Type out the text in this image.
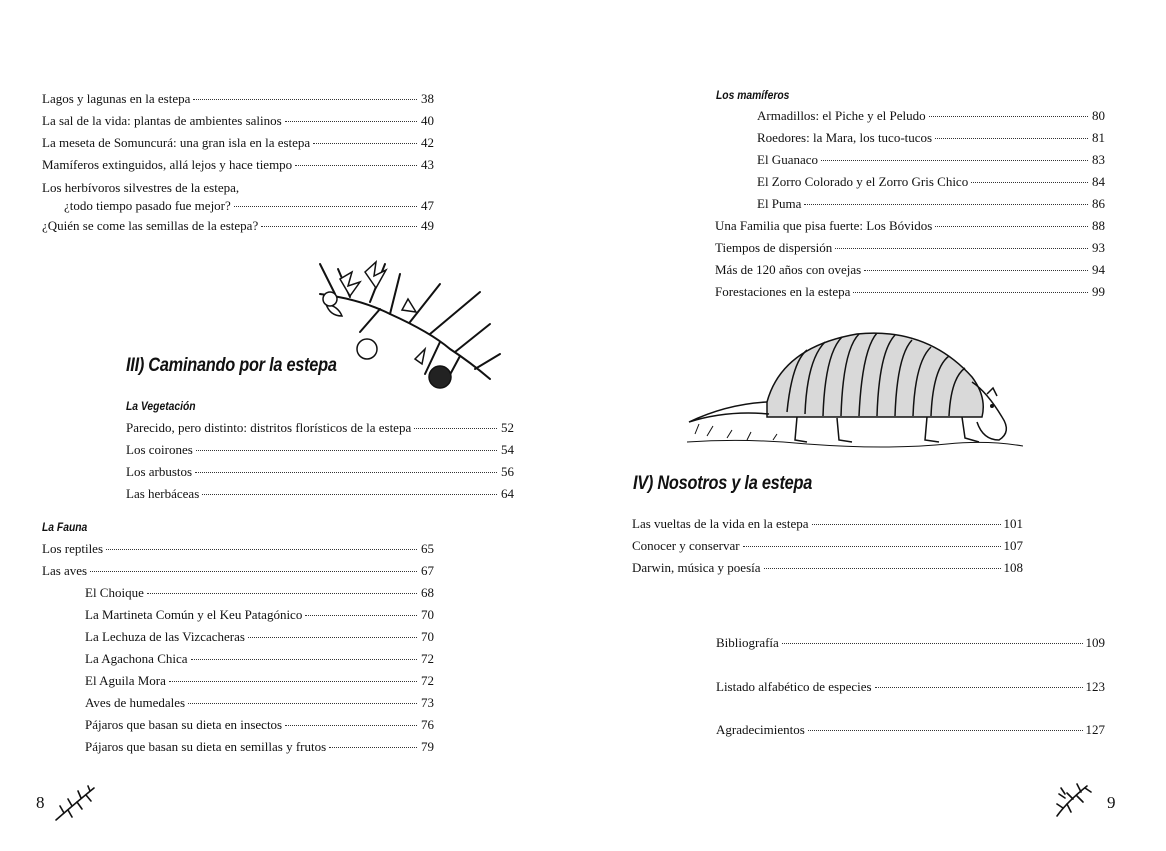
Lagos y lagunas en la estepa	38
La sal de la vida: plantas de ambientes salinos	40
La meseta de Somuncurá: una gran isla en la estepa	42
Mamíferos extinguidos, allá lejos y hace tiempo	43
Los herbívoros silvestres de la estepa,
¿todo tiempo pasado fue mejor?	47
¿Quién se come las semillas de la estepa?	49
III) Caminando por la estepa
La Vegetación
Parecido, pero distinto: distritos florísticos de la estepa	52
Los coirones	54
Los arbustos	56
Las herbáceas	64
La Fauna
Los reptiles	65
Las aves	67
El Choique	68
La Martineta Común y el Keu Patagónico	70
La Lechuza de las Vizcacheras	70
La Agachona Chica	72
El Aguila Mora	72
Aves de humedales	73
Pájaros que basan su dieta en insectos	76
Pájaros que basan su dieta en semillas y frutos	79
8
Los mamíferos
Armadillos: el Piche y el Peludo	80
Roedores: la Mara, los tuco-tucos	81
El Guanaco	83
El Zorro Colorado y el Zorro Gris Chico	84
El Puma	86
Una Familia que pisa fuerte: Los Bóvidos	88
Tiempos de dispersión	93
Más de 120 años con ovejas	94
Forestaciones en la estepa	99
IV) Nosotros y la estepa
Las vueltas de la vida en la estepa	101
Conocer y conservar	107
Darwin, música y poesía	108
Bibliografía	109
Listado alfabético de especies	123
Agradecimientos	127
9
